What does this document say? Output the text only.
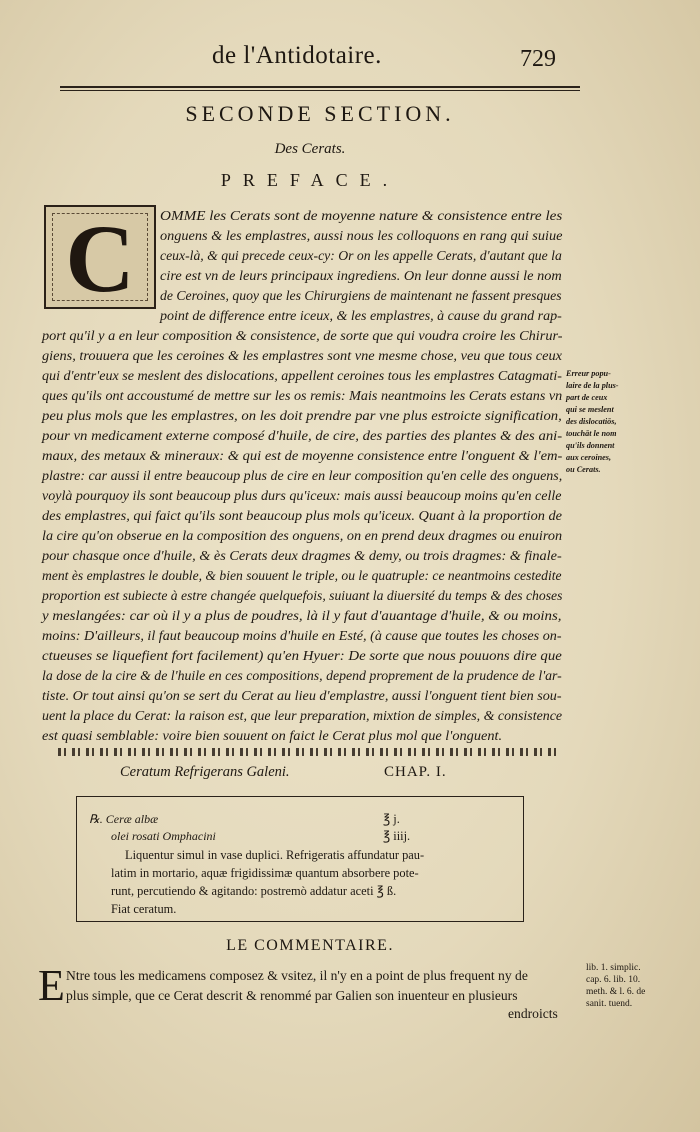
de l'Antidotaire.	729
SECONDE SECTION.
Des Cerats.
PREFACE.
C	OMME les Cerats sont de moyenne nature & consistence entre les
onguens & les emplastres, aussi nous les colloquons en rang qui suiue
ceux-là, & qui precede ceux-cy: Or on les appelle Cerats, d'autant que la
cire est vn de leurs principaux ingrediens. On leur donne aussi le nom
de Ceroines, quoy que les Chirurgiens de maintenant ne fassent presques
point de difference entre iceux, & les emplastres, à cause du grand rap-
port qu'il y a en leur composition & consistence, de sorte que qui voudra croire les Chirur-
giens, trouuera que les ceroines & les emplastres sont vne mesme chose, veu que tous ceux
qui d'entr'eux se meslent des dislocations, appellent ceroines tous les emplastres Catagmati-
ques qu'ils ont accoustumé de mettre sur les os remis: Mais neantmoins les Cerats estans vn
peu plus mols que les emplastres, on les doit prendre par vne plus estroicte signification,
pour vn medicament externe composé d'huile, de cire, des parties des plantes & des ani-
maux, des metaux & mineraux: & qui est de moyenne consistence entre l'onguent & l'em-
plastre: car aussi il entre beaucoup plus de cire en leur composition qu'en celle des onguens,
voylà pourquoy ils sont beaucoup plus durs qu'iceux: mais aussi beaucoup moins qu'en celle
des emplastres, qui faict qu'ils sont beaucoup plus mols qu'iceux. Quant à la proportion de
la cire qu'on obserue en la composition des onguens, on en prend deux dragmes ou enuiron
pour chasque once d'huile, & ès Cerats deux dragmes & demy, ou trois dragmes: & finale-
ment ès emplastres le double, & bien souuent le triple, ou le quatruple: ce neantmoins cestedite
proportion est subiecte à estre changée quelquefois, suiuant la diuersité du temps & des choses
y meslangées: car où il y a plus de poudres, là il y faut d'auantage d'huile, & ou moins,
moins: D'ailleurs, il faut beaucoup moins d'huile en Esté, (à cause que toutes les choses on-
ctueuses se liquefient fort facilement) qu'en Hyuer: De sorte que nous pouuons dire que
la dose de la cire & de l'huile en ces compositions, depend proprement de la prudence de l'ar-
tiste. Or tout ainsi qu'on se sert du Cerat au lieu d'emplastre, aussi l'onguent tient bien sou-
uent la place du Cerat: la raison est, que leur preparation, mixtion de simples, & consistence
est quasi semblable: voire bien souuent on faict le Cerat plus mol que l'onguent.
Erreur popu-
laire de la plus-
part de ceux
qui se meslent
des dislocatiōs,
touchāt le nom
qu'ils donnent
aux ceroines,
ou Cerats.
Ceratum Refrigerans Galeni.	CHAP. I.
℞. Ceræ albæ	℥ j.
olei rosati Omphacini	℥ iiij.
Liquentur simul in vase duplici. Refrigeratis affundatur pau-
latim in mortario, aquæ frigidissimæ quantum absorbere pote-
runt, percutiendo & agitando: postremò addatur aceti ℥ ß.
Fiat ceratum.
LE COMMENTAIRE.
E Ntre tous les medicamens composez & vsitez, il n'y en a point de plus frequent ny de
plus simple, que ce Cerat descrit & renommé par Galien son inuenteur en plusieurs
endroicts
lib. 1. simplic.
cap. 6. lib. 10.
meth. & l. 6. de
sanit. tuend.
